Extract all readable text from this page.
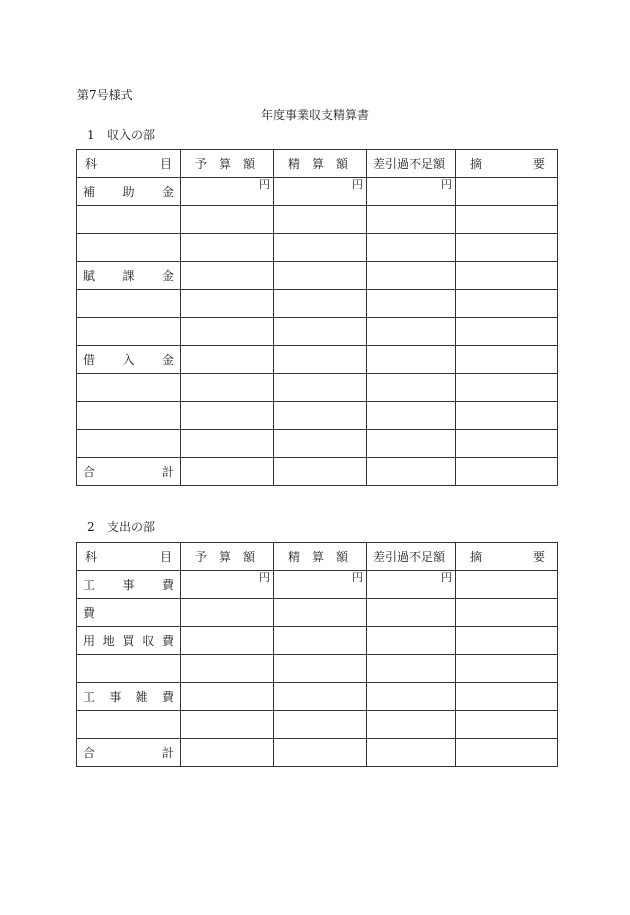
第7号様式
年度事業収支精算書
1 収入の部
科 目	予 算 額	精 算 額	差引過不足額	摘 要

補 助 金	円	円	円	

賦 課 金				

借 入 金				

合 計				

2 支出の部
科 目	予 算 額	精 算 額	差引過不足額	摘 要

工 事 費	円	円	円	
費				

用 地 買 収 費				

工 事 雑 費				

合 計				
